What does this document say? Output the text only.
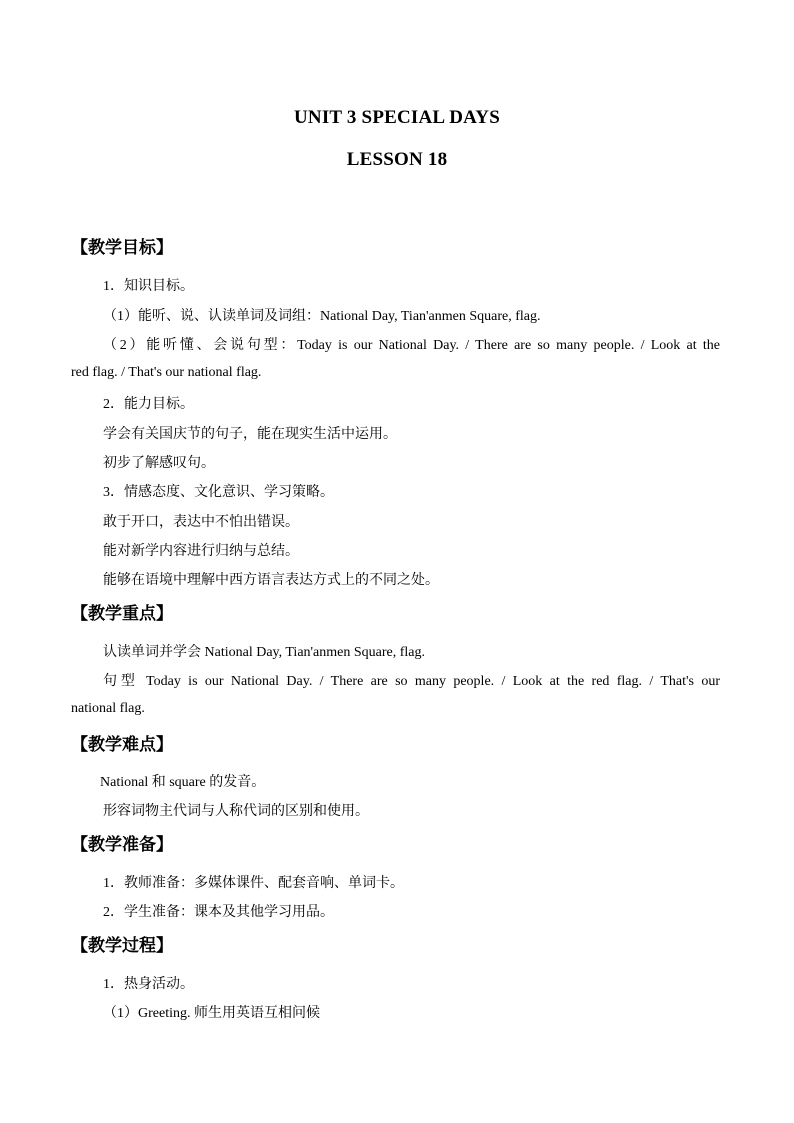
UNIT 3 SPECIAL DAYS
LESSON 18
【教学目标】
1．知识目标。
（1）能听、说、认读单词及词组：National Day, Tian'anmen Square, flag.
（2）能听懂、会说句型：Today is our National Day. / There are so many people. / Look at the
red flag. / That's our national flag.
2．能力目标。
学会有关国庆节的句子，能在现实生活中运用。
初步了解感叹句。
3．情感态度、文化意识、学习策略。
敢于开口，表达中不怕出错误。
能对新学内容进行归纳与总结。
能够在语境中理解中西方语言表达方式上的不同之处。
【教学重点】
认读单词并学会 National Day, Tian'anmen Square, flag.
句型 Today is our National Day. / There are so many people. / Look at the red flag. / That's our
national flag.
【教学难点】
National 和 square 的发音。
形容词物主代词与人称代词的区别和使用。
【教学准备】
1．教师准备：多媒体课件、配套音响、单词卡。
2．学生准备：课本及其他学习用品。
【教学过程】
1．热身活动。
（1）Greeting. 师生用英语互相问候
